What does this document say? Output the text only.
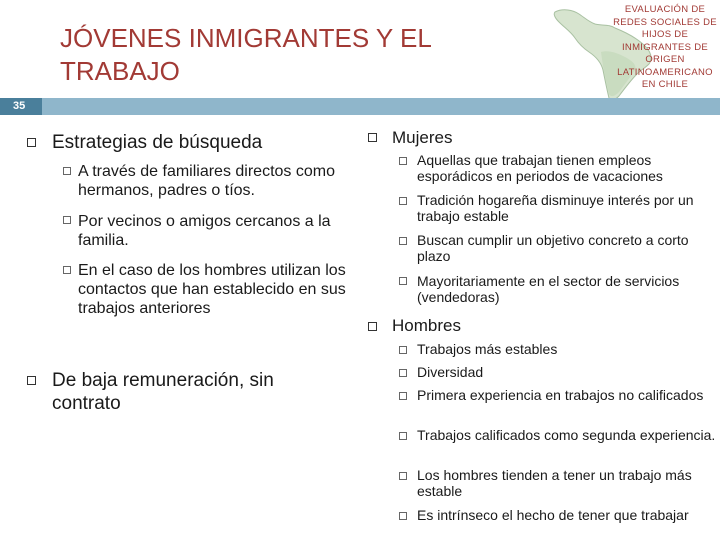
JÓVENES INMIGRANTES Y EL TRABAJO
EVALUACIÓN DE REDES SOCIALES DE HIJOS DE INMIGRANTES DE ORIGEN LATINOAMERICANO EN CHILE
35
Estrategias de búsqueda
A través de familiares directos como hermanos, padres o tíos.
Por vecinos o amigos cercanos a la familia.
En el caso de los hombres utilizan los contactos que han establecido en sus trabajos anteriores
De baja remuneración, sin contrato
Mujeres
Aquellas que trabajan tienen empleos esporádicos en periodos de vacaciones
Tradición hogareña disminuye interés por un trabajo estable
Buscan cumplir un objetivo concreto a corto plazo
Mayoritariamente en el sector de servicios (vendedoras)
Hombres
Trabajos más estables
Diversidad
Primera experiencia en trabajos no calificados
Trabajos calificados como segunda experiencia.
Los hombres tienden a tener un trabajo más estable
Es intrínseco el hecho de tener que trabajar
